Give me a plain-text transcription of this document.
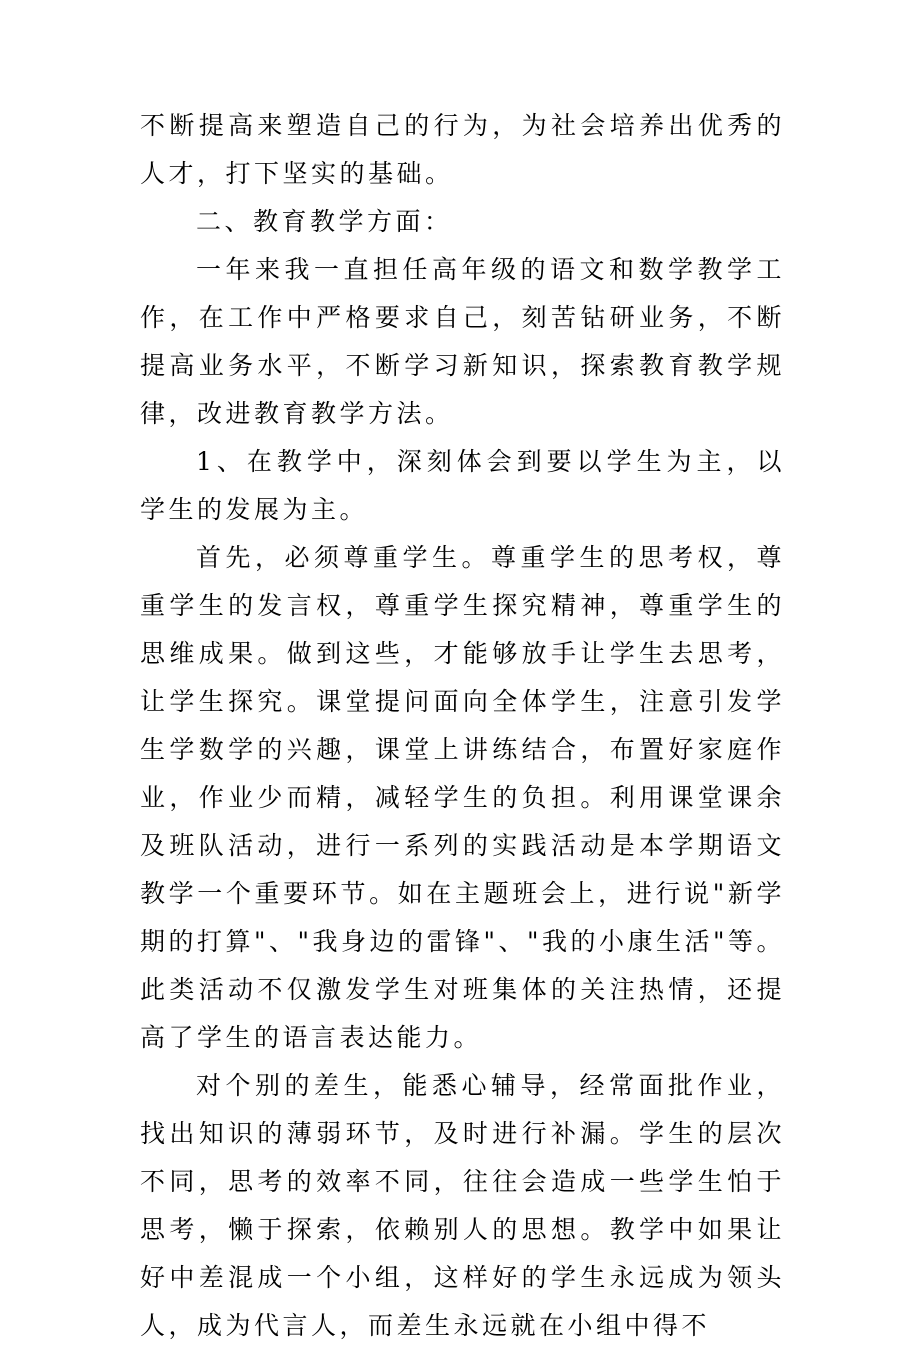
不断提高来塑造自己的行为，为社会培养出优秀的人才，打下坚实的基础。

二、教育教学方面：

一年来我一直担任高年级的语文和数学教学工作，在工作中严格要求自己，刻苦钻研业务，不断提高业务水平，不断学习新知识，探索教育教学规律，改进教育教学方法。

1、在教学中，深刻体会到要以学生为主，以学生的发展为主。

首先，必须尊重学生。尊重学生的思考权，尊重学生的发言权，尊重学生探究精神，尊重学生的思维成果。做到这些，才能够放手让学生去思考，让学生探究。课堂提问面向全体学生，注意引发学生学数学的兴趣，课堂上讲练结合，布置好家庭作业，作业少而精，减轻学生的负担。利用课堂课余及班队活动，进行一系列的实践活动是本学期语文教学一个重要环节。如在主题班会上，进行说"新学期的打算"、"我身边的雷锋"、"我的小康生活"等。此类活动不仅激发学生对班集体的关注热情，还提高了学生的语言表达能力。

对个别的差生，能悉心辅导，经常面批作业，找出知识的薄弱环节，及时进行补漏。学生的层次不同，思考的效率不同，往往会造成一些学生怕于思考，懒于探索，依赖别人的思想。教学中如果让好中差混成一个小组，这样好的学生永远成为领头人，成为代言人，而差生永远就在小组中得不
